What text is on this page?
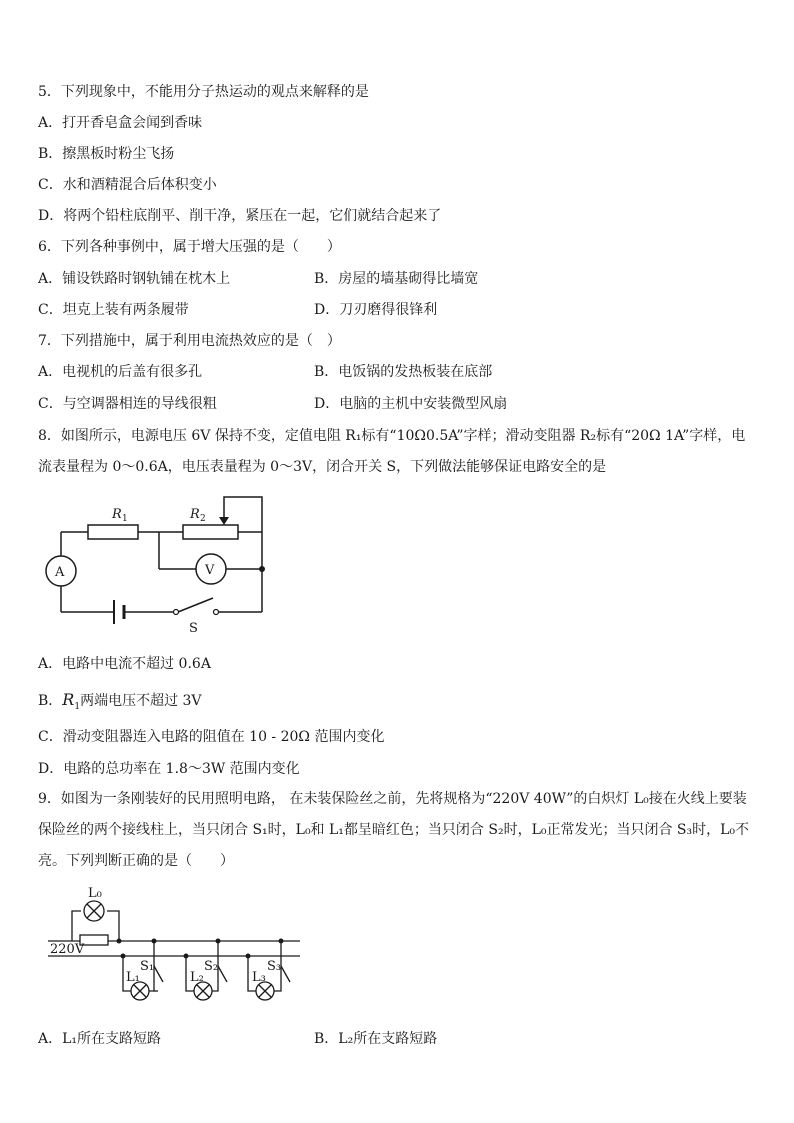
5．下列现象中，不能用分子热运动的观点来解释的是
A．打开香皂盒会闻到香味
B．擦黑板时粉尘飞扬
C．水和酒精混合后体积变小
D．将两个铅柱底削平、削干净，紧压在一起，它们就结合起来了
6．下列各种事例中，属于增大压强的是（　　）
A．铺设铁路时钢轨铺在枕木上	B．房屋的墙基砌得比墙宽
C．坦克上装有两条履带	D．刀刃磨得很锋利
7．下列措施中，属于利用电流热效应的是（　）
A．电视机的后盖有很多孔	B．电饭锅的发热板装在底部
C．与空调器相连的导线很粗	D．电脑的主机中安装微型风扇
8．如图所示，电源电压 6V 保持不变，定值电阻 R₁标有“10Ω0.5A”字样；滑动变阻器 R₂标有“20Ω 1A”字样，电流表量程为 0～0.6A，电压表量程为 0～3V，闭合开关 S，下列做法能够保证电路安全的是
A	V
R 1	R 2
S
L₀
220V
S₁	S₂	S₃
L₁	L₂	L₃
A．电路中电流不超过 0.6A
B．$R_1$两端电压不超过 3V
C．滑动变阻器连入电路的阻值在 10 - 20Ω 范围内变化
D．电路的总功率在 1.8～3W 范围内变化
9．如图为一条刚装好的民用照明电路， 在未装保险丝之前，先将规格为“220V 40W”的白炽灯 L₀接在火线上要装保险丝的两个接线柱上，当只闭合 S₁时，L₀和 L₁都呈暗红色；当只闭合 S₂时，L₀正常发光；当只闭合 S₃时，L₀不亮。下列判断正确的是（　　）
A．L₁所在支路短路	B．L₂所在支路短路
